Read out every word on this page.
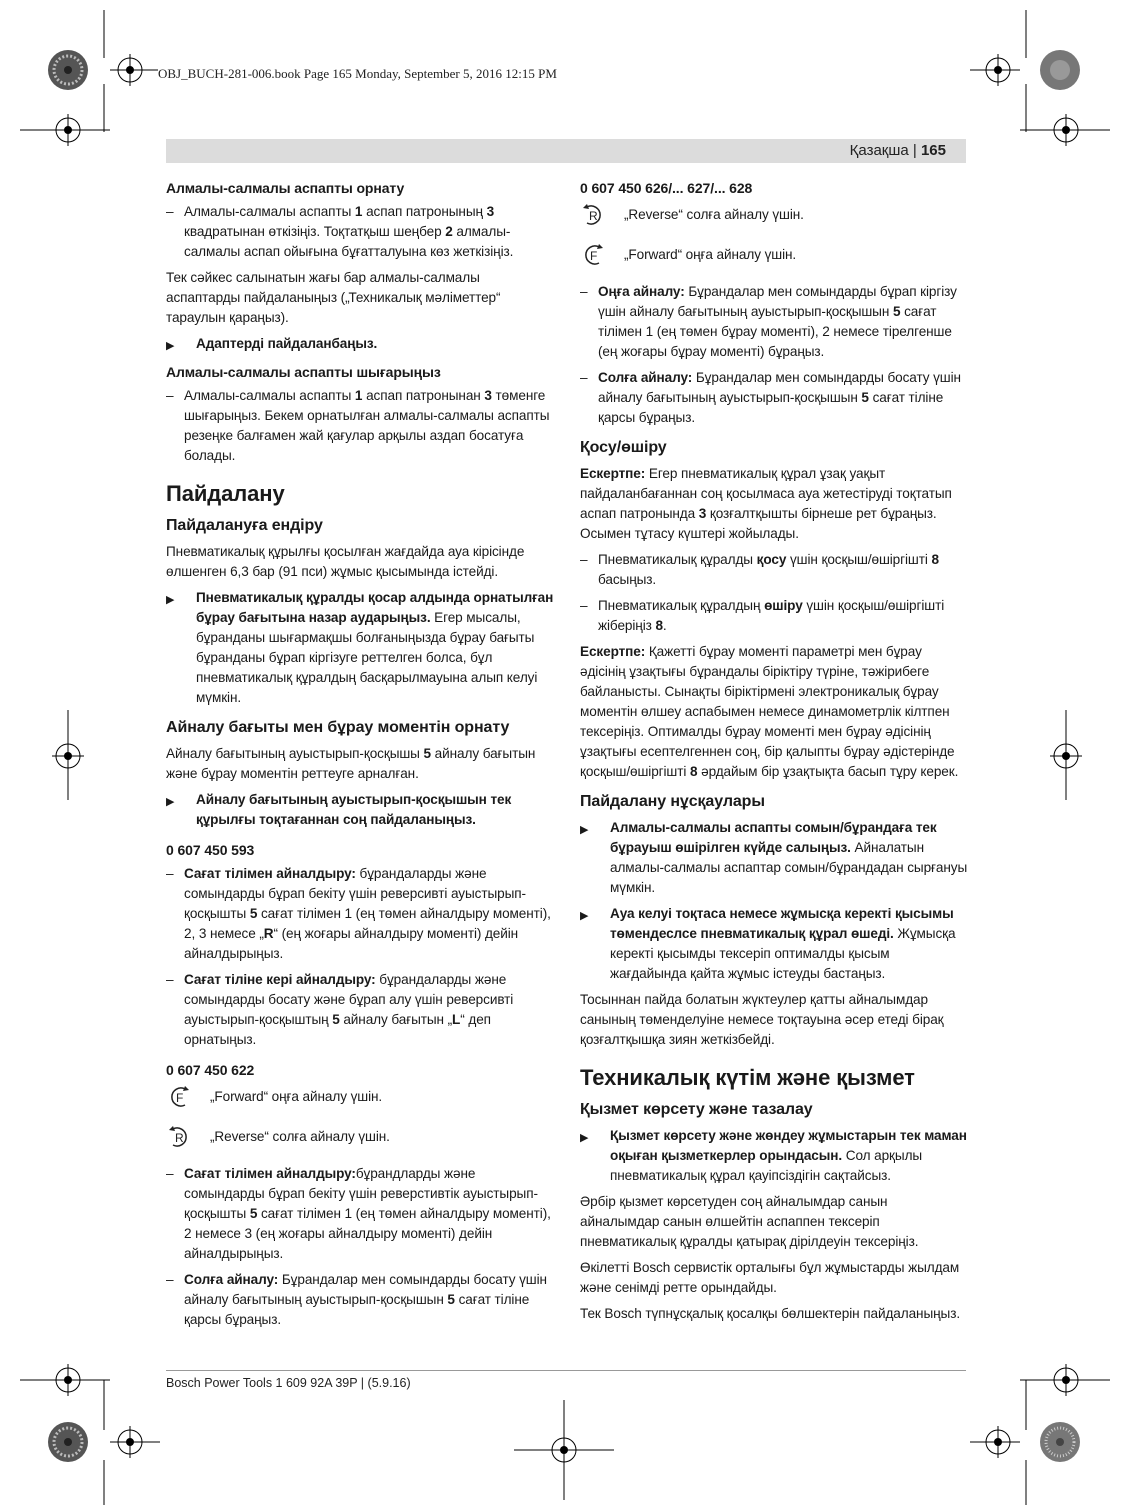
OBJ_BUCH-281-006.book Page 165 Monday, September 5, 2016 12:15 PM
Қазақша | 165
Алмалы-салмалы аспапты орнату
– Алмалы-салмалы аспапты 1 аспап патронының 3 квадратынан өткізіңіз. Тоқтатқыш шеңбер 2 алмалы-салмалы аспап ойығына бұғатталуына көз жеткізіңіз.

Тек сәйкес салынатын жағы бар алмалы-салмалы аспаптарды пайдаланыңыз („Техникалық мәліметтер“ тараулын қараңыз).

▶	Адаптерді пайдаланбаңыз.
Алмалы-салмалы аспапты шығарыңыз
– Алмалы-салмалы аспапты 1 аспап патронынан 3 төменге шығарыңыз. Бекем орнатылған алмалы-салмалы аспапты резеңке балғамен жай қағулар арқылы аздап босатуға болады.
Пайдалану
Пайдалануға ендіру

Пневматикалық құрылғы қосылған жағдайда ауа кірісінде өлшенген 6,3 бар (91 пси) жұмыс қысымында істейді.

▶	Пневматикалық құралды қосар алдында орнатылған бұрау бағытына назар аударыңыз. Егер мысалы, бұранданы шығармақшы болғаныңызда бұрау бағыты бұранданы бұрап кіргізуге реттелген болса, бұл пневматикалық құралдың басқарылмауына алып келуі мүмкін.
Айналу бағыты мен бұрау моментін орнату

Айналу бағытының ауыстырып-қосқышы 5 айналу бағытын және бұрау моментін реттеуге арналған.

▶	Айналу бағытының ауыстырып-қосқышын тек құрылғы тоқтағаннан соң пайдаланыңыз.
0 607 450 593
– Сағат тілімен айналдыру: бұрандаларды және сомындарды бұрап бекіту үшін реверсивті ауыстырып-қосқышты 5 сағат тілімен 1 (ең төмен айналдыру моменті), 2, 3 немесе „R“ (ең жоғары айналдыру моменті) дейін айналдырыңыз.
– Сағат тіліне кері айналдыру: бұрандаларды және сомындарды босату және бұрап алу үшін реверсивті ауыстырып-қосқыштың 5 айналу бағытын „L“ деп орнатыңыз.
0 607 450 622
F „Forward“ оңға айналу үшін.
R „Reverse“ солға айналу үшін.
– Сағат тілімен айналдыру:бұрандларды және сомындарды бұрап бекіту үшін реверстивтік ауыстырып-қосқышты 5 сағат тілімен 1 (ең төмен айналдыру моменті), 2 немесе 3 (ең жоғары айналдыру моменті) дейін айналдырыңыз.
– Солға айналу: Бұрандалар мен сомындарды босату үшін айналу бағытының ауыстырып-қосқышын 5 сағат тіліне қарсы бұраңыз.
0 607 450 626/... 627/... 628
R „Reverse“ солға айналу үшін.
F „Forward“ оңға айналу үшін.
– Оңға айналу: Бұрандалар мен сомындарды бұрап кіргізу үшін айналу бағытының ауыстырып-қосқышын 5 сағат тілімен 1 (ең төмен бұрау моменті), 2 немесе тірелгенше (ең жоғары бұрау моменті) бұраңыз.
– Солға айналу: Бұрандалар мен сомындарды босату үшін айналу бағытының ауыстырып-қосқышын 5 сағат тіліне қарсы бұраңыз.
Қосу/өшіру

Ескертпе: Егер пневматикалық құрал ұзақ уақыт пайдаланбағаннан соң қосылмаса ауа жетестіруді тоқтатып аспап патронында 3 қозғалтқышты бірнеше рет бұраңыз. Осымен тұтасу күштері жойылады.

– Пневматикалық құралды қосу үшін қосқыш/өшіргішті 8 басыңыз.
– Пневматикалық құралдың өшіру үшін қосқыш/өшіргішті жіберіңіз 8.

Ескертпе: Қажетті бұрау моменті параметрі мен бұрау әдісінің ұзақтығы бұрандалы біріктіру түріне, тәжірибеге байланысты. Сынақты біріктірмені электроникалық бұрау моментін өлшеу аспабымен немесе динамометрлік кілтпен тексеріңіз. Оптималды бұрау моменті мен бұрау әдісінің ұзақтығы есептелгеннен соң, бір қалыпты бұрау әдістерінде қосқыш/өшіргішті 8 әрдайым бір ұзақтықта басып тұру керек.

Пайдалану нұсқаулары
▶	Алмалы-салмалы аспапты сомын/бұрандаға тек бұрауыш өшірілген күйде салыңыз. Айналатын алмалы-салмалы аспаптар сомын/бұрандадан сырғануы мүмкін.
▶	Ауа келуі тоқтаса немесе жұмысқа керекті қысымы төмендеслсе пневматикалық құрал өшеді. Жұмысқа керекті қысымды тексеріп оптималды қысым жағдайында қайта жұмыс істеуды бастаңыз.

Тосыннан пайда болатын жүктеулер қатты айналымдар санының төменделуіне немесе тоқтауына әсер етеді бірақ қозғалтқышқа зиян жеткізбейді.

Техникалық күтім және қызмет
Қызмет көрсету және тазалау
▶	Қызмет көрсету және жөндеу жұмыстарын тек маман оқыған қызметкерлер орындасын. Сол арқылы пневматикалық құрал қауіпсіздігін сақтайсыз.

Әрбір қызмет көрсетуден соң айналымдар санын айналымдар санын өлшейтін аспаппен тексеріп пневматикалық құралды қатырақ дірілдеуін тексеріңіз.

Өкілетті Bosch сервистік орталығы бұл жұмыстарды жылдам және сенімді ретте орындайды.

Тек Bosch түпнұсқалық қосалқы бөлшектерін пайдаланыңыз.

Bosch Power Tools 1 609 92A 39P | (5.9.16)
